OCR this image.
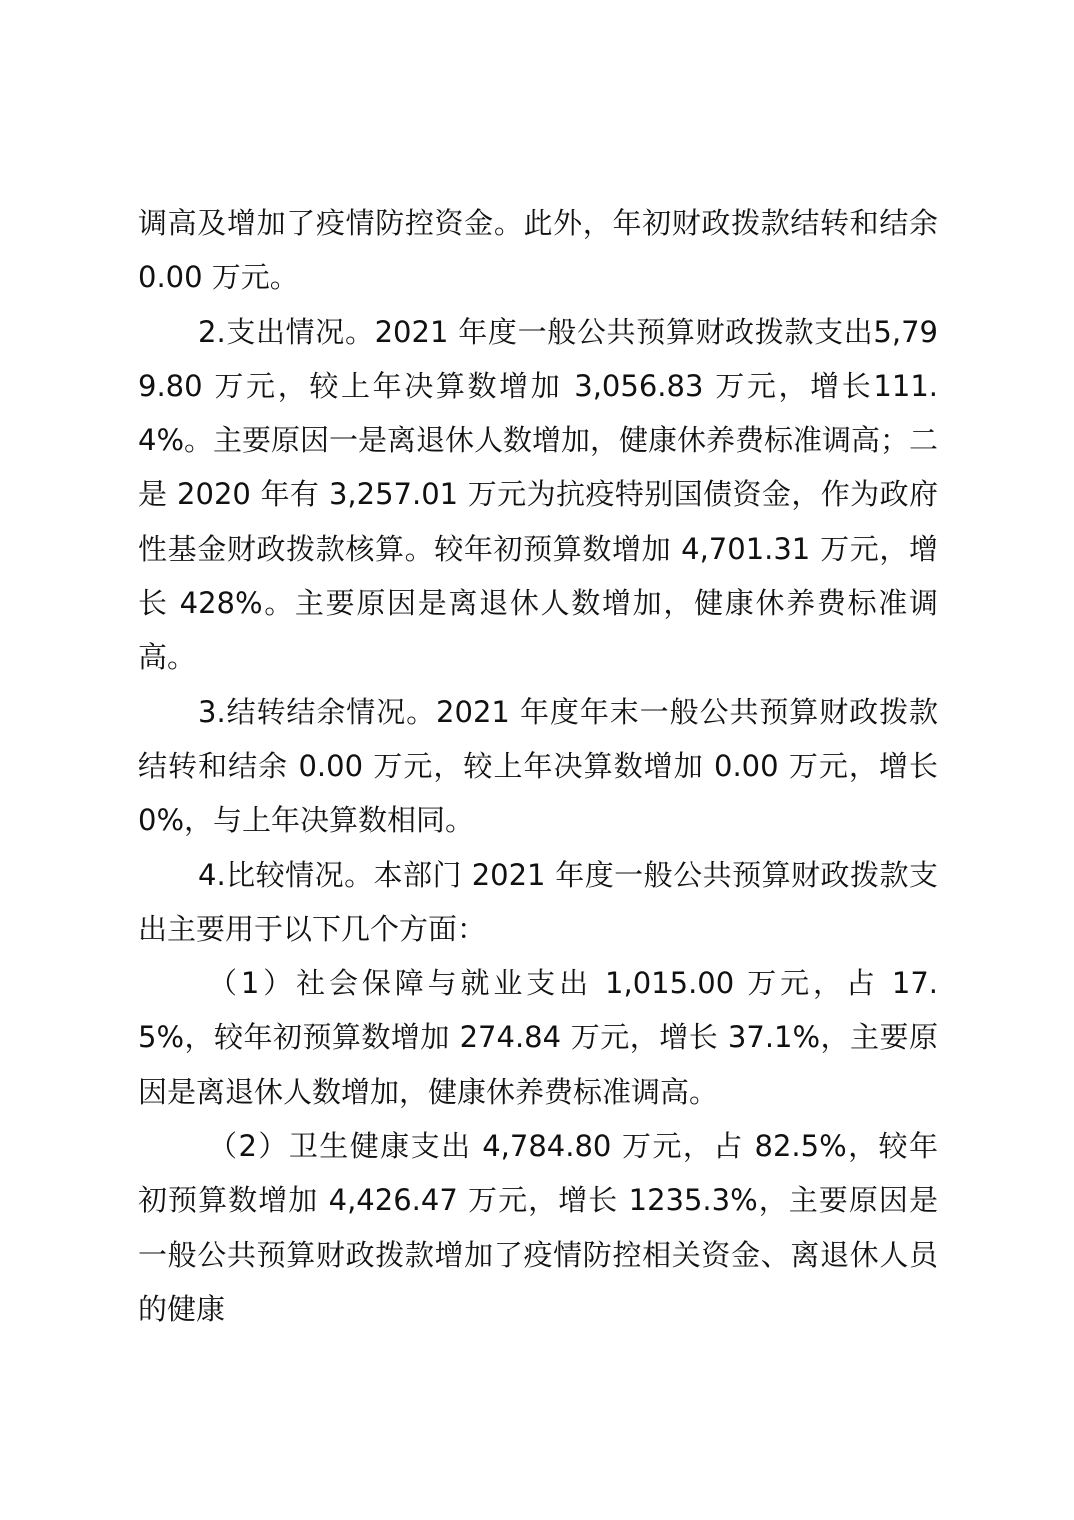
调高及增加了疫情防控资金。此外，年初财政拨款结转和结余0.00 万元。

2.支出情况。2021 年度一般公共预算财政拨款支出5,799.80 万元，较上年决算数增加 3,056.83 万元，增长111.4%。主要原因一是离退休人数增加，健康休养费标准调高；二是 2020 年有 3,257.01 万元为抗疫特别国债资金，作为政府性基金财政拨款核算。较年初预算数增加 4,701.31 万元，增长 428%。主要原因是离退休人数增加，健康休养费标准调高。

3.结转结余情况。2021 年度年末一般公共预算财政拨款结转和结余 0.00 万元，较上年决算数增加 0.00 万元，增长0%，与上年决算数相同。

4.比较情况。本部门 2021 年度一般公共预算财政拨款支出主要用于以下几个方面：

（1）社会保障与就业支出 1,015.00 万元，占 17.5%，较年初预算数增加 274.84 万元，增长 37.1%，主要原因是离退休人数增加，健康休养费标准调高。

（2）卫生健康支出 4,784.80 万元，占 82.5%，较年初预算数增加 4,426.47 万元，增长 1235.3%，主要原因是一般公共预算财政拨款增加了疫情防控相关资金、离退休人员的健康
